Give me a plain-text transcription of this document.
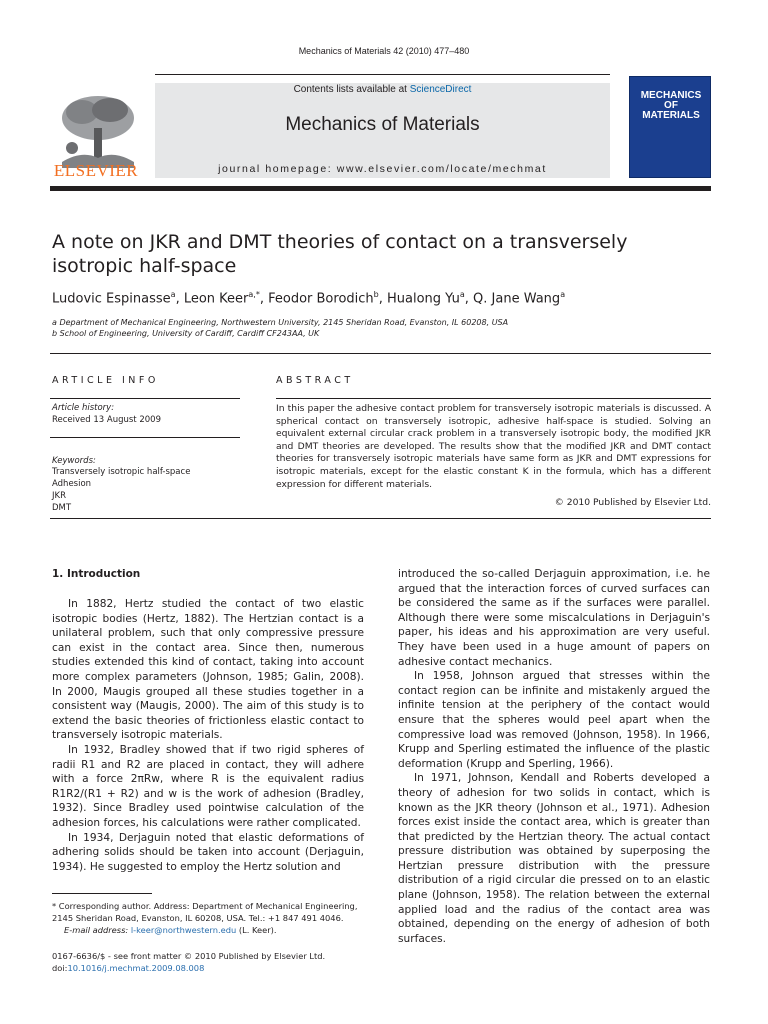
Mechanics of Materials 42 (2010) 477–480
Contents lists available at ScienceDirect
Mechanics of Materials
journal homepage: www.elsevier.com/locate/mechmat
ELSEVIER
MECHANICS
OF
MATERIALS
A note on JKR and DMT theories of contact on a transversely isotropic half-space
Ludovic Espinasse$^a$, Leon Keer$^{a,*}$, Feodor Borodich$^b$, Hualong Yu$^a$, Q. Jane Wang$^a$
a Department of Mechanical Engineering, Northwestern University, 2145 Sheridan Road, Evanston, IL 60208, USA
b School of Engineering, University of Cardiff, Cardiff CF243AA, UK
ARTICLE INFO
Article history:
Received 13 August 2009
Keywords:
Transversely isotropic half-space
Adhesion
JKR
DMT
ABSTRACT
In this paper the adhesive contact problem for transversely isotropic materials is discussed. A spherical contact on transversely isotropic, adhesive half-space is studied. Solving an equivalent external circular crack problem in a transversely isotropic body, the modified JKR and DMT theories are developed. The results show that the modified JKR and DMT contact theories for transversely isotropic materials have same form as JKR and DMT expressions for isotropic materials, except for the elastic constant K in the formula, which has a different expression for different materials.
© 2010 Published by Elsevier Ltd.
1. Introduction

In 1882, Hertz studied the contact of two elastic isotropic bodies (Hertz, 1882). The Hertzian contact is a unilateral problem, such that only compressive pressure can exist in the contact area. Since then, numerous studies extended this kind of contact, taking into account more complex parameters (Johnson, 1985; Galin, 2008). In 2000, Maugis grouped all these studies together in a consistent way (Maugis, 2000). The aim of this study is to extend the basic theories of frictionless elastic contact to transversely isotropic materials.

In 1932, Bradley showed that if two rigid spheres of radii R1 and R2 are placed in contact, they will adhere with a force 2πRw, where R is the equivalent radius R1R2/(R1 + R2) and w is the work of adhesion (Bradley, 1932). Since Bradley used pointwise calculation of the adhesion forces, his calculations were rather complicated.

In 1934, Derjaguin noted that elastic deformations of adhering solids should be taken into account (Derjaguin, 1934). He suggested to employ the Hertz solution and

introduced the so-called Derjaguin approximation, i.e. he argued that the interaction forces of curved surfaces can be considered the same as if the surfaces were parallel. Although there were some miscalculations in Derjaguin's paper, his ideas and his approximation are very useful. They have been used in a huge amount of papers on adhesive contact mechanics.

In 1958, Johnson argued that stresses within the contact region can be infinite and mistakenly argued the infinite tension at the periphery of the contact would ensure that the spheres would peel apart when the compressive load was removed (Johnson, 1958). In 1966, Krupp and Sperling estimated the influence of the plastic deformation (Krupp and Sperling, 1966).

In 1971, Johnson, Kendall and Roberts developed a theory of adhesion for two solids in contact, which is known as the JKR theory (Johnson et al., 1971). Adhesion forces exist inside the contact area, which is greater than that predicted by the Hertzian theory. The actual contact pressure distribution was obtained by superposing the Hertzian pressure distribution with the pressure distribution of a rigid circular die pressed on to an elastic plane (Johnson, 1958). The relation between the external applied load and the radius of the contact area was obtained, depending on the energy of adhesion of both surfaces.

* Corresponding author. Address: Department of Mechanical Engineering, 2145 Sheridan Road, Evanston, IL 60208, USA. Tel.: +1 847 491 4046.
E-mail address: l-keer@northwestern.edu (L. Keer).
0167-6636/$ - see front matter © 2010 Published by Elsevier Ltd.
doi:10.1016/j.mechmat.2009.08.008
